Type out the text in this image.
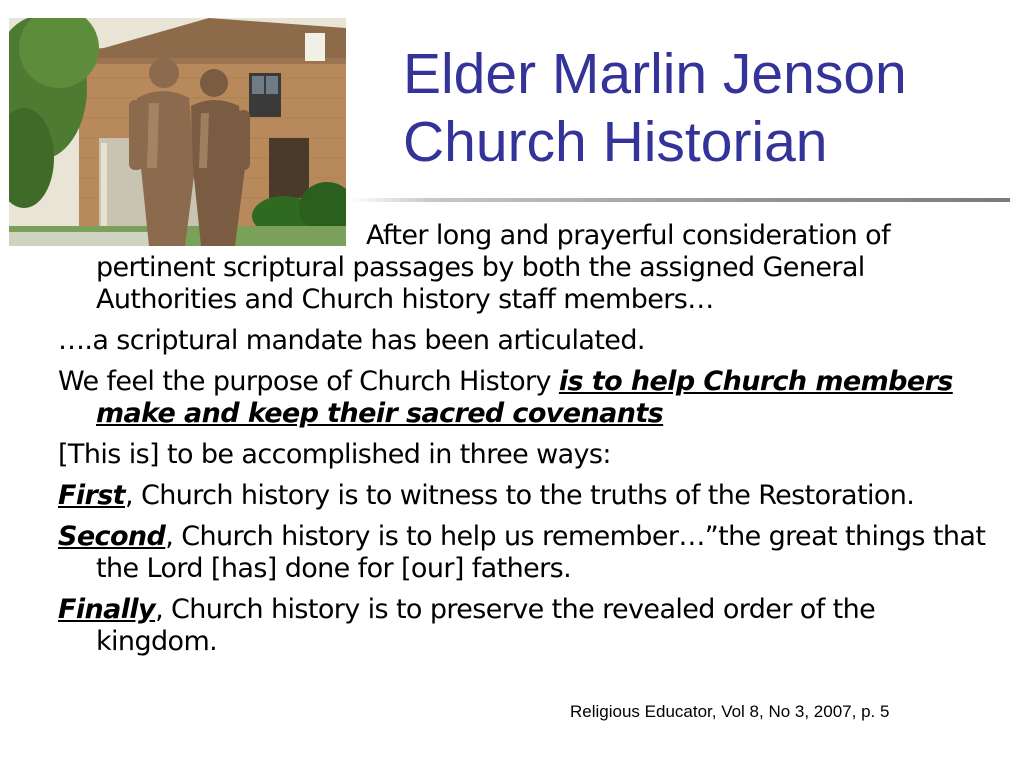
Elder Marlin Jenson
Church Historian

After long and prayerful consideration of pertinent scriptural passages by both the assigned General Authorities and Church history staff members…

….a scriptural mandate has been articulated.

We feel the purpose of Church History is to help Church members make and keep their sacred covenants

[This is] to be accomplished in three ways:

First, Church history is to witness to the truths of the Restoration.

Second, Church history is to help us remember…”the great things that the Lord [has] done for [our] fathers.

Finally, Church history is to preserve the revealed order of the kingdom.

Religious Educator, Vol 8, No 3, 2007, p. 5
